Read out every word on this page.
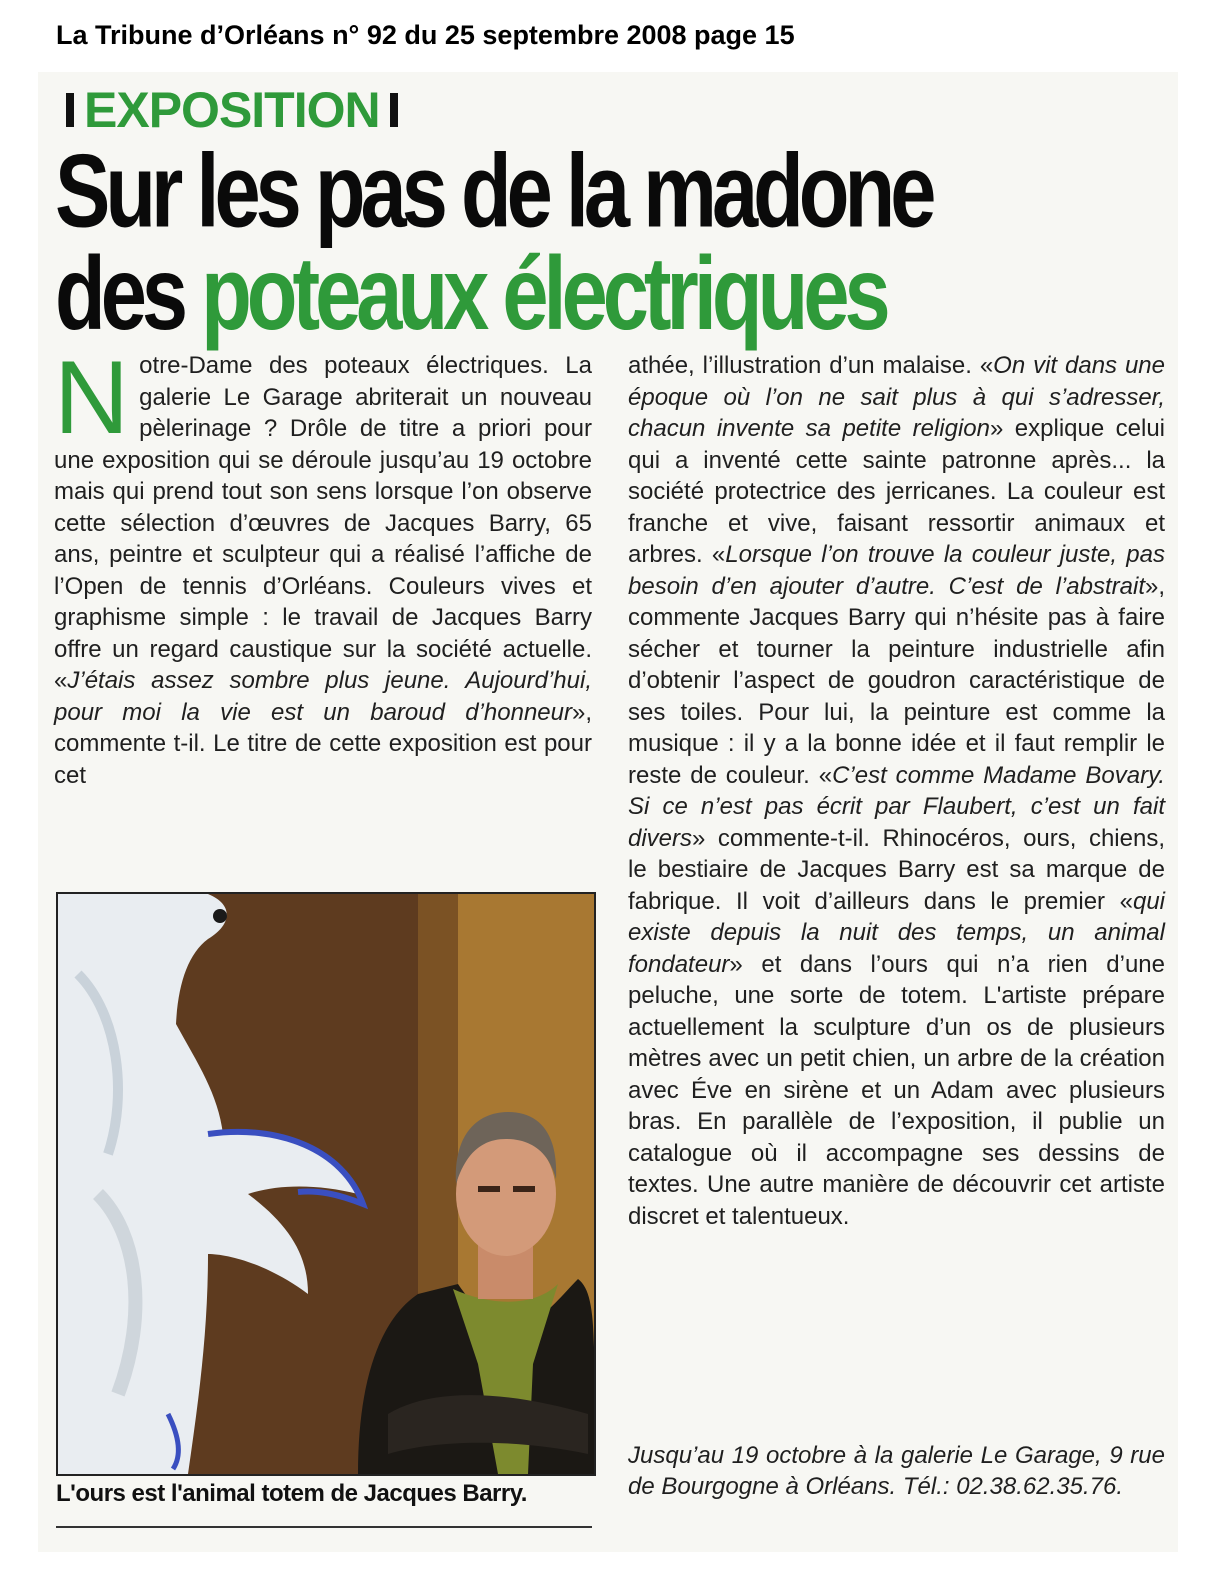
La Tribune d’Orléans n° 92 du 25 septembre 2008 page 15
EXPOSITION
Sur les pas de la madone
des poteaux électriques
N otre-Dame des poteaux électriques. La galerie Le Garage abriterait un nouveau pèlerinage ? Drôle de titre a priori pour une exposition qui se déroule jusqu’au 19 octobre mais qui prend tout son sens lorsque l’on observe cette sélection d’œuvres de Jacques Barry, 65 ans, peintre et sculpteur qui a réalisé l’affiche de l’Open de tennis d’Orléans. Couleurs vives et graphisme simple : le travail de Jacques Barry offre un regard caustique sur la société actuelle. «J’étais assez sombre plus jeune. Aujourd’hui, pour moi la vie est un baroud d’honneur», commente t-il. Le titre de cette exposition est pour cet

L'ours est l'animal totem de Jacques Barry.

athée, l’illustration d’un malaise. «On vit dans une époque où l’on ne sait plus à qui s’adresser, chacun invente sa petite religion» explique celui qui a inventé cette sainte patronne après... la société protectrice des jerricanes. La couleur est franche et vive, faisant ressortir animaux et arbres. «Lorsque l’on trouve la couleur juste, pas besoin d’en ajouter d’autre. C’est de l’abstrait», commente Jacques Barry qui n’hésite pas à faire sécher et tourner la peinture industrielle afin d’obtenir l’aspect de goudron caractéristique de ses toiles. Pour lui, la peinture est comme la musique : il y a la bonne idée et il faut remplir le reste de couleur. «C’est comme Madame Bovary. Si ce n’est pas écrit par Flaubert, c’est un fait divers» commente-t-il. Rhinocéros, ours, chiens, le bestiaire de Jacques Barry est sa marque de fabrique. Il voit d’ailleurs dans le premier «qui existe depuis la nuit des temps, un animal fondateur» et dans l’ours qui n’a rien d’une peluche, une sorte de totem. L'artiste prépare actuellement la sculpture d’un os de plusieurs mètres avec un petit chien, un arbre de la création avec Éve en sirène et un Adam avec plusieurs bras. En parallèle de l’exposition, il publie un catalogue où il accompagne ses dessins de textes. Une autre manière de découvrir cet artiste discret et talentueux.

Jusqu’au 19 octobre à la galerie Le Garage, 9 rue de Bourgogne à Orléans. Tél.: 02.38.62.35.76.
